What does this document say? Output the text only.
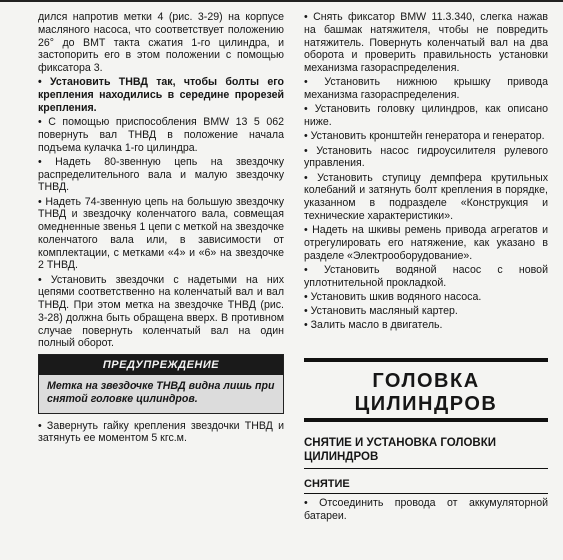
дился напротив метки 4 (рис. 3-29) на корпусе масляного насоса, что соответствует положению 26° до ВМТ такта сжатия 1-го цилиндра, и застопорить его в этом положении с помощью фиксатора 3.

• Установить ТНВД так, чтобы болты его крепления находились в середине прорезей крепления.

• С помощью приспособления BMW 13 5 062 повернуть вал ТНВД в положение начала подъема кулачка 1-го цилиндра.

• Надеть 80-звенную цепь на звездочку распределительного вала и малую звездочку ТНВД.

• Надеть 74-звенную цепь на большую звездочку ТНВД и звездочку коленчатого вала, совмещая омедненные звенья 1 цепи с меткой на звездочке коленчатого вала или, в зависимости от комплектации, с метками «4» и «6» на звездочке 2 ТНВД.

• Установить звездочки с надетыми на них цепями соответственно на коленчатый вал и вал ТНВД. При этом метка на звездочке ТНВД (рис. 3-28) должна быть обращена вверх. В противном случае повернуть коленчатый вал на один полный оборот.

ПРЕДУПРЕЖДЕНИЕ
Метка на звездочке ТНВД видна лишь при снятой головке цилиндров.

• Завернуть гайку крепления звездочки ТНВД и затянуть ее моментом 5 кгс.м.

• Снять фиксатор BMW 11.3.340, слегка нажав на башмак натяжителя, чтобы не повредить натяжитель. Повернуть коленчатый вал на два оборота и проверить правильность установки механизма газораспределения.

• Установить нижнюю крышку привода механизма газораспределения.

• Установить головку цилиндров, как описано ниже.

• Установить кронштейн генератора и генератор.

• Установить насос гидроусилителя рулевого управления.

• Установить ступицу демпфера крутильных колебаний и затянуть болт крепления в порядке, указанном в подразделе «Конструкция и технические характеристики».

• Надеть на шкивы ремень привода агрегатов и отрегулировать его натяжение, как указано в разделе «Электрооборудование».

• Установить водяной насос с новой уплотнительной прокладкой.

• Установить шкив водяного насоса.

• Установить масляный картер.

• Залить масло в двигатель.

ГОЛОВКА ЦИЛИНДРОВ
СНЯТИЕ И УСТАНОВКА ГОЛОВКИ ЦИЛИНДРОВ
СНЯТИЕ

• Отсоединить провода от аккумуляторной батареи.
